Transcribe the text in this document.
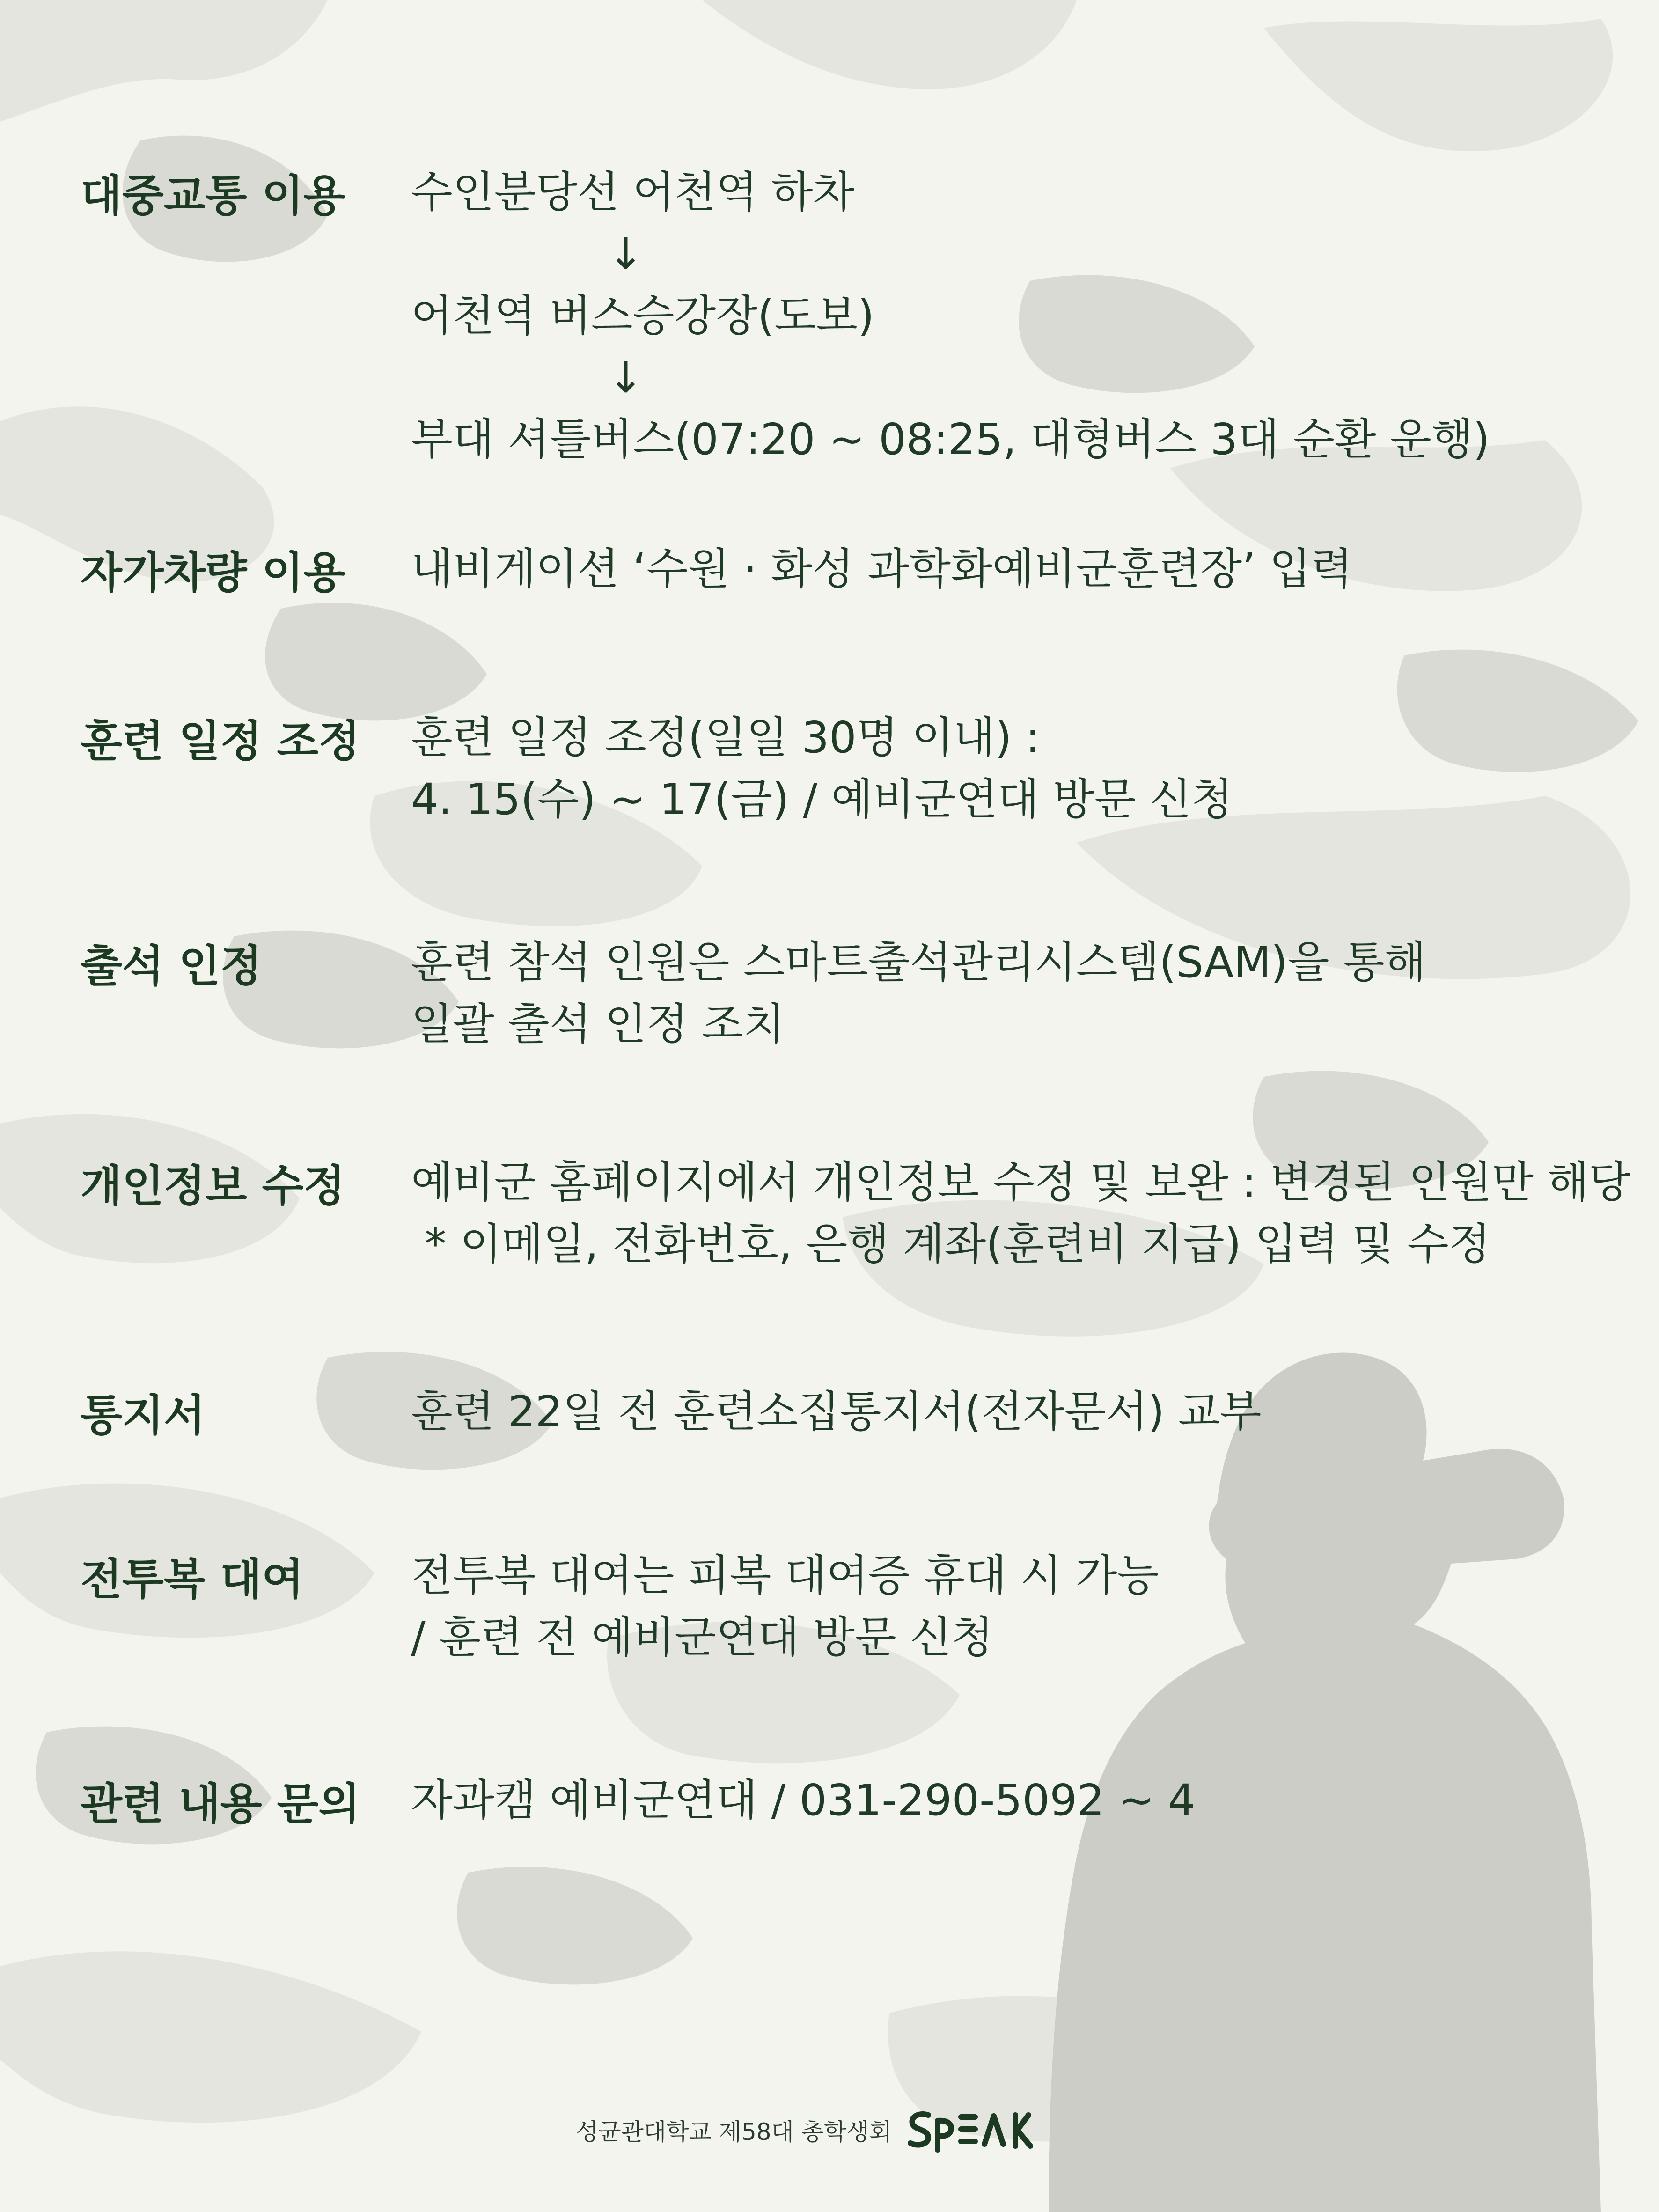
대중교통 이용 수인분당선 어천역 하차
↓
어천역 버스승강장(도보)
↓
부대 셔틀버스(07:20 ~ 08:25, 대형버스 3대 순환 운행)
자가차량 이용 내비게이션 ‘수원 · 화성 과학화예비군훈련장’ 입력
훈련 일정 조정 훈련 일정 조정(일일 30명 이내) :
4. 15(수) ~ 17(금) / 예비군연대 방문 신청
출석 인정	훈련 참석 인원은 스마트출석관리시스템(SAM)을 통해
일괄 출석 인정 조치
개인정보 수정 예비군 홈페이지에서 개인정보 수정 및 보완 : 변경된 인원만 해당
* 이메일, 전화번호, 은행 계좌(훈련비 지급) 입력 및 수정
통지서	훈련 22일 전 훈련소집통지서(전자문서) 교부
전투복 대여 전투복 대여는 피복 대여증 휴대 시 가능
/ 훈련 전 예비군연대 방문 신청
관련 내용 문의 자과캠 예비군연대 / 031-290-5092 ~ 4
성균관대학교 제58대 총학생회
